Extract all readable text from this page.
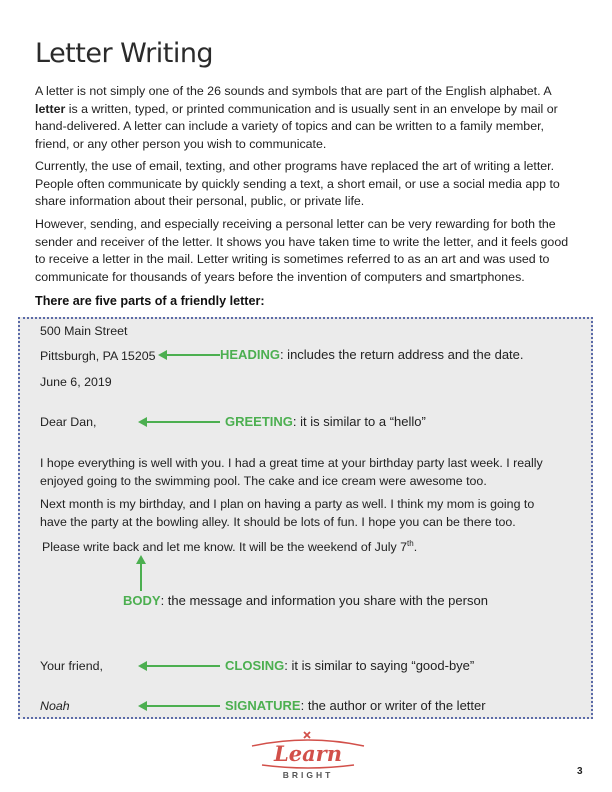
Letter Writing

A letter is not simply one of the 26 sounds and symbols that are part of the English alphabet. A letter is a written, typed, or printed communication and is usually sent in an envelope by mail or hand-delivered. A letter can include a variety of topics and can be written to a family member, friend, or any other person you wish to communicate.

Currently, the use of email, texting, and other programs have replaced the art of writing a letter. People often communicate by quickly sending a text, a short email, or use a social media app to share information about their personal, public, or private life.

However, sending, and especially receiving a personal letter can be very rewarding for both the sender and receiver of the letter. It shows you have taken time to write the letter, and it feels good to receive a letter in the mail. Letter writing is sometimes referred to as an art and was used to communicate for thousands of years before the invention of computers and smartphones.

There are five parts of a friendly letter:

500 Main Street
Pittsburgh, PA 15205
June 6, 2019
HEADING: includes the return address and the date.
Dear Dan,	GREETING: it is similar to a “hello”
I hope everything is well with you. I had a great time at your birthday party last week. I really enjoyed going to the swimming pool. The cake and ice cream were awesome too.
Next month is my birthday, and I plan on having a party as well. I think my mom is going to have the party at the bowling alley. It should be lots of fun. I hope you can be there too.
Please write back and let me know. It will be the weekend of July 7th.
BODY: the message and information you share with the person
Your friend,	CLOSING: it is similar to saying “good-bye”
Noah	SIGNATURE: the author or writer of the letter
Learn
BRIGHT	3
